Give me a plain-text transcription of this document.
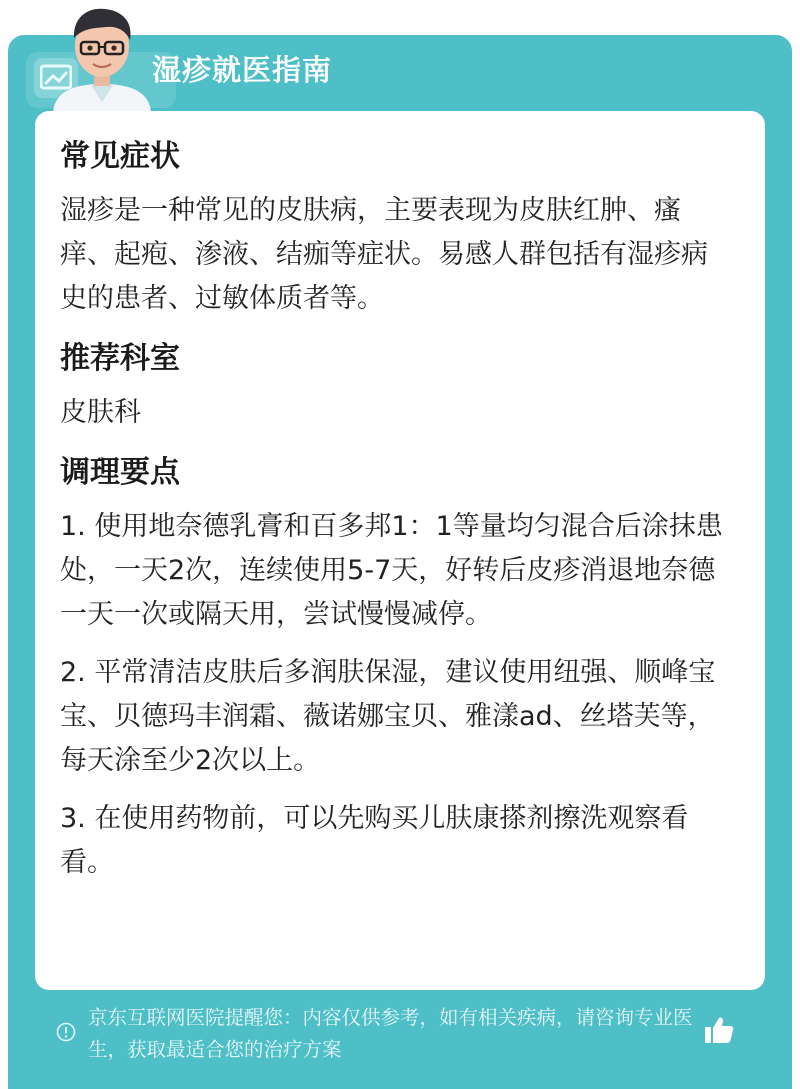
湿疹就医指南
常见症状
湿疹是一种常见的皮肤病，主要表现为皮肤红肿、瘙痒、起疱、渗液、结痂等症状。易感人群包括有湿疹病史的患者、过敏体质者等。
推荐科室
皮肤科
调理要点
1. 使用地奈德乳膏和百多邦1：1等量均匀混合后涂抹患处，一天2次，连续使用5-7天，好转后皮疹消退地奈德一天一次或隔天用，尝试慢慢减停。
2. 平常清洁皮肤后多润肤保湿，建议使用纽强、顺峰宝宝、贝德玛丰润霜、薇诺娜宝贝、雅漾ad、丝塔芙等，每天涂至少2次以上。
3. 在使用药物前，可以先购买儿肤康搽剂擦洗观察看看。
京东互联网医院提醒您：内容仅供参考，如有相关疾病，请咨询专业医生，获取最适合您的治疗方案
